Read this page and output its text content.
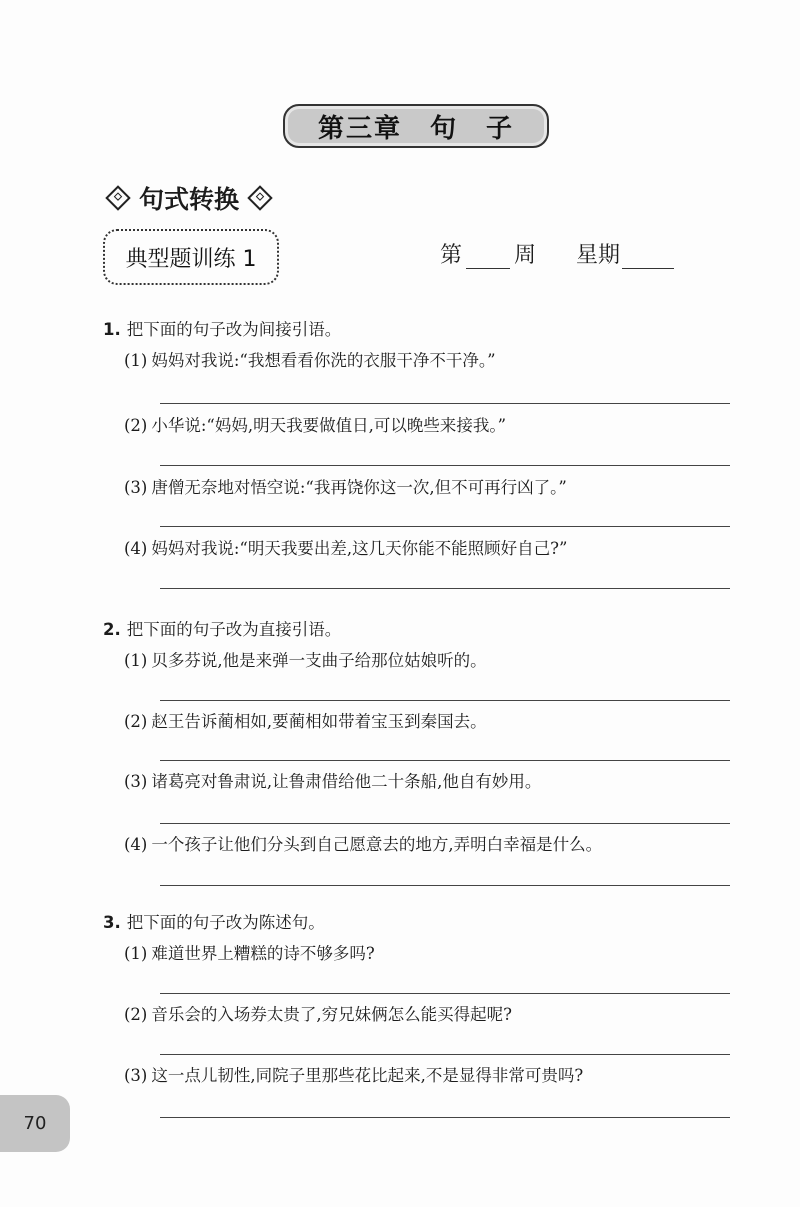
第三章 句 子
句式转换
典型题训练 1	第 周 星期
1. 把下面的句子改为间接引语。
(1) 妈妈对我说:“我想看看你洗的衣服干净不干净。”
(2) 小华说:“妈妈,明天我要做值日,可以晚些来接我。”
(3) 唐僧无奈地对悟空说:“我再饶你这一次,但不可再行凶了。”
(4) 妈妈对我说:“明天我要出差,这几天你能不能照顾好自己?”
2. 把下面的句子改为直接引语。
(1) 贝多芬说,他是来弹一支曲子给那位姑娘听的。
(2) 赵王告诉蔺相如,要蔺相如带着宝玉到秦国去。
(3) 诸葛亮对鲁肃说,让鲁肃借给他二十条船,他自有妙用。
(4) 一个孩子让他们分头到自己愿意去的地方,弄明白幸福是什么。
3. 把下面的句子改为陈述句。
(1) 难道世界上糟糕的诗不够多吗?
(2) 音乐会的入场券太贵了,穷兄妹俩怎么能买得起呢?
(3) 这一点儿韧性,同院子里那些花比起来,不是显得非常可贵吗?
70
